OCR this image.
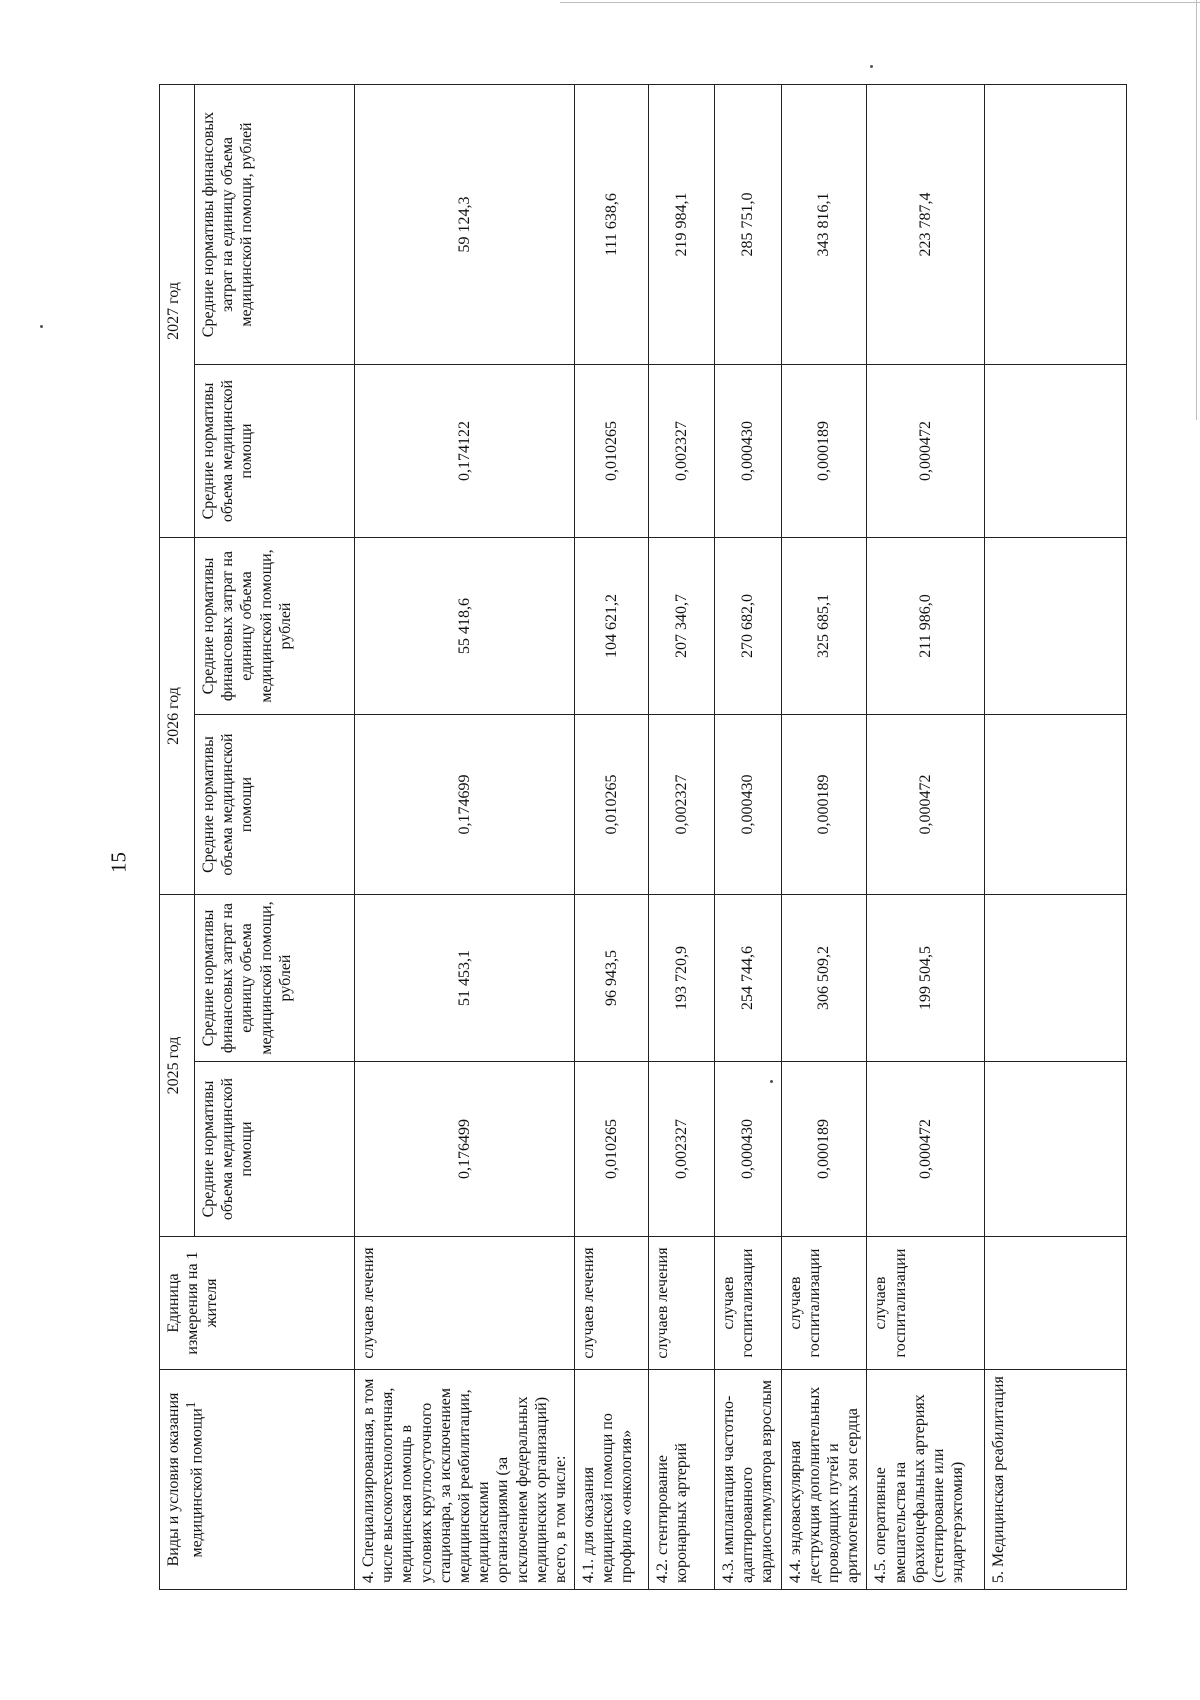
15
Виды и условия оказания медицинской помощи$^1$	Единица измерения на 1 жителя	2025 год		2026 год		2027 год	
		Средние нормативы объема медицинской помощи	Средние нормативы финансовых затрат на единицу объема медицинской помощи, рублей	Средние нормативы объема медицинской помощи	Средние нормативы финансовых затрат на единицу объема медицинской помощи, рублей	Средние нормативы объема медицинской помощи	Средние нормативы финансовых затрат на единицу объема медицинской помощи, рублей
4. Специализированная, в том числе высокотехнологичная, медицинская помощь в условиях круглосуточного стационара, за исключением медицинской реабилитации, медицинскими организациями (за исключением федеральных медицинских организаций) всего, в том числе:	случаев лечения	0,176499	51 453,1	0,174699	55 418,6	0,174122	59 124,3
4.1. для оказания медицинской помощи по профилю «онкология»	случаев лечения	0,010265	96 943,5	0,010265	104 621,2	0,010265	111 638,6
4.2. стентирование коронарных артерий	случаев лечения	0,002327	193 720,9	0,002327	207 340,7	0,002327	219 984,1
4.3. имплантация частотно-адаптированного кардиостимулятора взрослым	случаев госпитализации	0,000430	254 744,6	0,000430	270 682,0	0,000430	285 751,0
4.4. эндоваскулярная деструкция дополнительных проводящих путей и аритмогенных зон сердца	случаев госпитализации	0,000189	306 509,2	0,000189	325 685,1	0,000189	343 816,1
4.5. оперативные вмешательства на брахиоцефальных артериях (стентирование или эндартерэктомия)	случаев госпитализации	0,000472	199 504,5	0,000472	211 986,0	0,000472	223 787,4
5. Медицинская реабилитация							
